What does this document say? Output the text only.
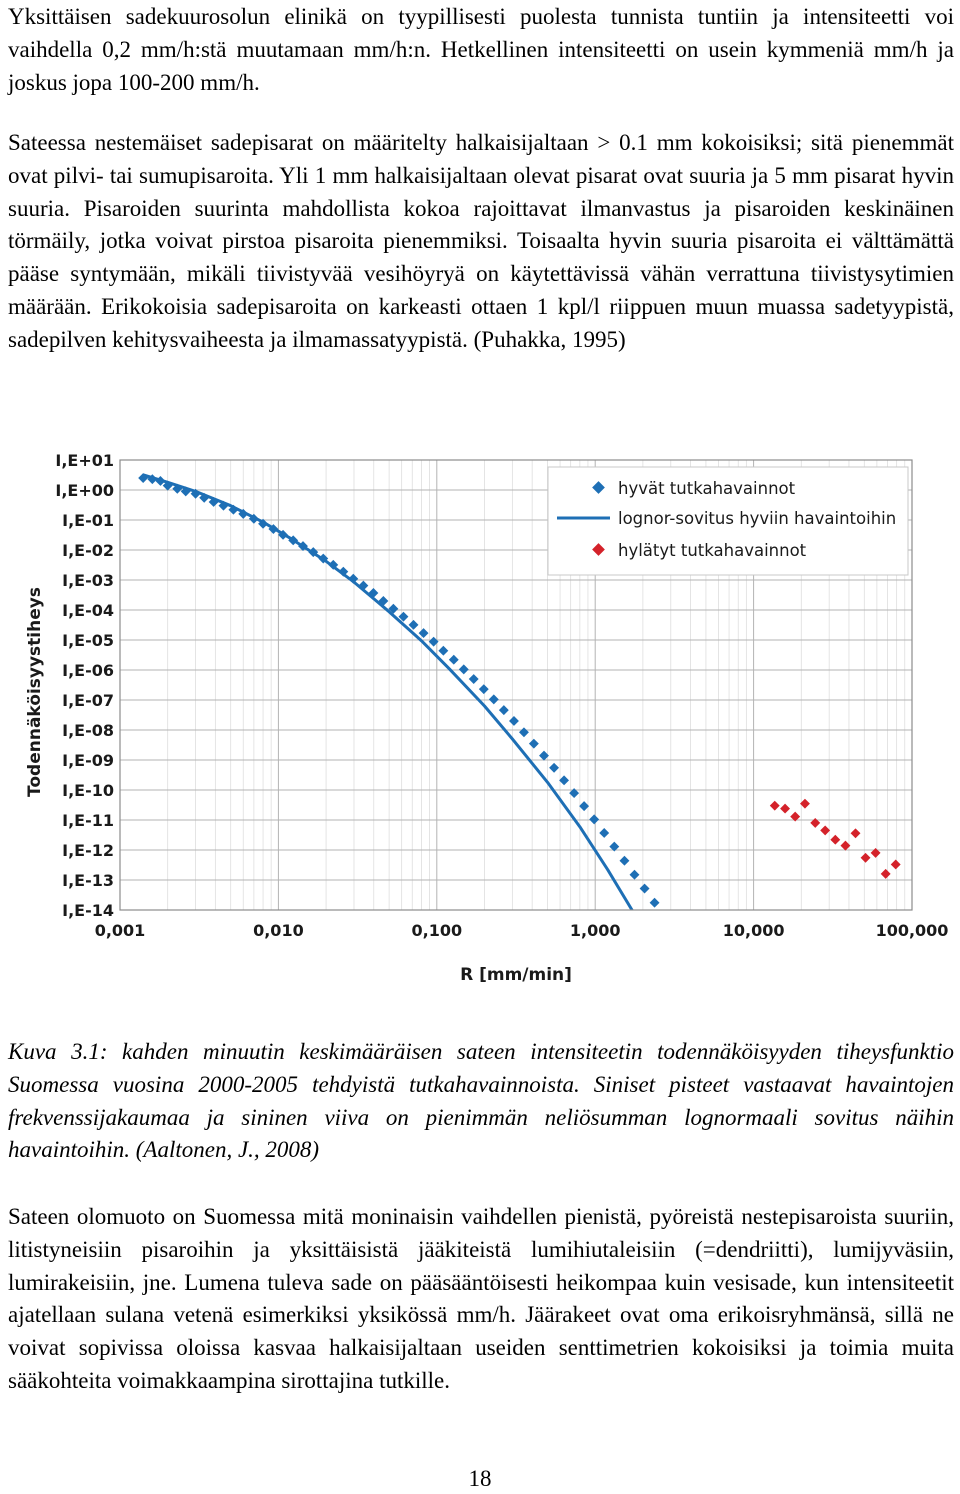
Yksittäisen sadekuurosolun elinikä on tyypillisesti puolesta tunnista tuntiin ja intensiteetti voi vaihdella 0,2 mm/h:stä muutamaan mm/h:n. Hetkellinen intensiteetti on usein kymmeniä mm/h ja joskus jopa 100-200 mm/h.

Sateessa nestemäiset sadepisarat on määritelty halkaisijaltaan > 0.1 mm kokoisiksi; sitä pienemmät ovat pilvi- tai sumupisaroita. Yli 1 mm halkaisijaltaan olevat pisarat ovat suuria ja 5 mm pisarat hyvin suuria. Pisaroiden suurinta mahdollista kokoa rajoittavat ilmanvastus ja pisaroiden keskinäinen törmäily, jotka voivat pirstoa pisaroita pienemmiksi. Toisaalta hyvin suuria pisaroita ei välttämättä pääse syntymään, mikäli tiivistyvää vesihöyryä on käytettävissä vähän verrattuna tiivistysytimien määrään. Erikokoisia sadepisaroita on karkeasti ottaen 1 kpl/l riippuen muun muassa sadetyypistä, sadepilven kehitysvaiheesta ja ilmamassatyypistä. (Puhakka, 1995)

I,E+01
I,E+00
I,E-01
I,E-02
I,E-03
I,E-04
I,E-05
I,E-06
I,E-07
I,E-08
I,E-09
I,E-10
I,E-11
I,E-12
I,E-13
I,E-14
0,001	0,010	0,100	1,000	10,000	100,000
Todennäköisyystiheys
R [mm/min]
hyvät tutkahavainnot
lognor-sovitus hyviin havaintoihin
hylätyt tutkahavainnot

Kuva 3.1: kahden minuutin keskimääräisen sateen intensiteetin todennäköisyyden tiheysfunktio Suomessa vuosina 2000-2005 tehdyistä tutkahavainnoista. Siniset pisteet vastaavat havaintojen frekvenssijakaumaa ja sininen viiva on pienimmän neliösumman lognormaali sovitus näihin havaintoihin. (Aaltonen, J., 2008)

Sateen olomuoto on Suomessa mitä moninaisin vaihdellen pienistä, pyöreistä nestepisaroista suuriin, litistyneisiin pisaroihin ja yksittäisistä jääkiteistä lumihiutaleisiin (=dendriitti), lumijyväsiin, lumirakeisiin, jne. Lumena tuleva sade on pääsääntöisesti heikompaa kuin vesisade, kun intensiteetit ajatellaan sulana vetenä esimerkiksi yksikössä mm/h. Jäärakeet ovat oma erikoisryhmänsä, sillä ne voivat sopivissa oloissa kasvaa halkaisijaltaan useiden senttimetrien kokoisiksi ja toimia muita sääkohteita voimakkaampina sirottajina tutkille.

18
